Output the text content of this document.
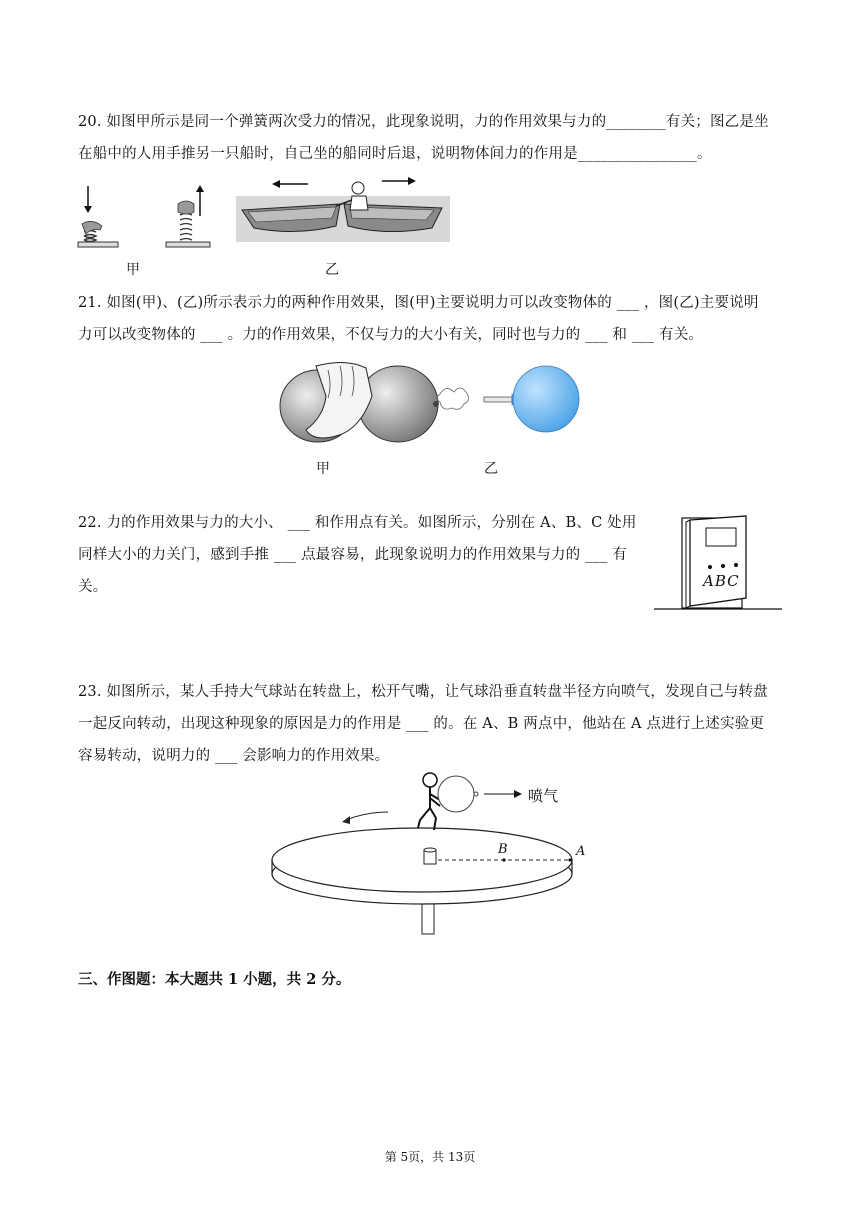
20. 如图甲所示是同一个弹簧两次受力的情况，此现象说明，力的作用效果与力的________有关；图乙是坐
在船中的人用手推另一只船时，自己坐的船同时后退，说明物体间力的作用是________________。
甲	乙
21. 如图(甲)、(乙)所示表示力的两种作用效果，图(甲)主要说明力可以改变物体的 ___ ，图(乙)主要说明
力可以改变物体的 ___ 。力的作用效果，不仅与力的大小有关，同时也与力的 ___ 和 ___ 有关。
甲	乙
22. 力的作用效果与力的大小、 ___ 和作用点有关。如图所示，分别在 A、B、C 处用
同样大小的力关门，感到手推 ___ 点最容易，此现象说明力的作用效果与力的 ___ 有
关。	ABC
23. 如图所示，某人手持大气球站在转盘上，松开气嘴，让气球沿垂直转盘半径方向喷气，发现自己与转盘
一起反向转动，出现这种现象的原因是力的作用是 ___ 的。在 A、B 两点中，他站在 A 点进行上述实验更
容易转动，说明力的 ___ 会影响力的作用效果。
喷气
B	A
三、作图题：本大题共 1 小题，共 2 分。
第 5页，共 13页
